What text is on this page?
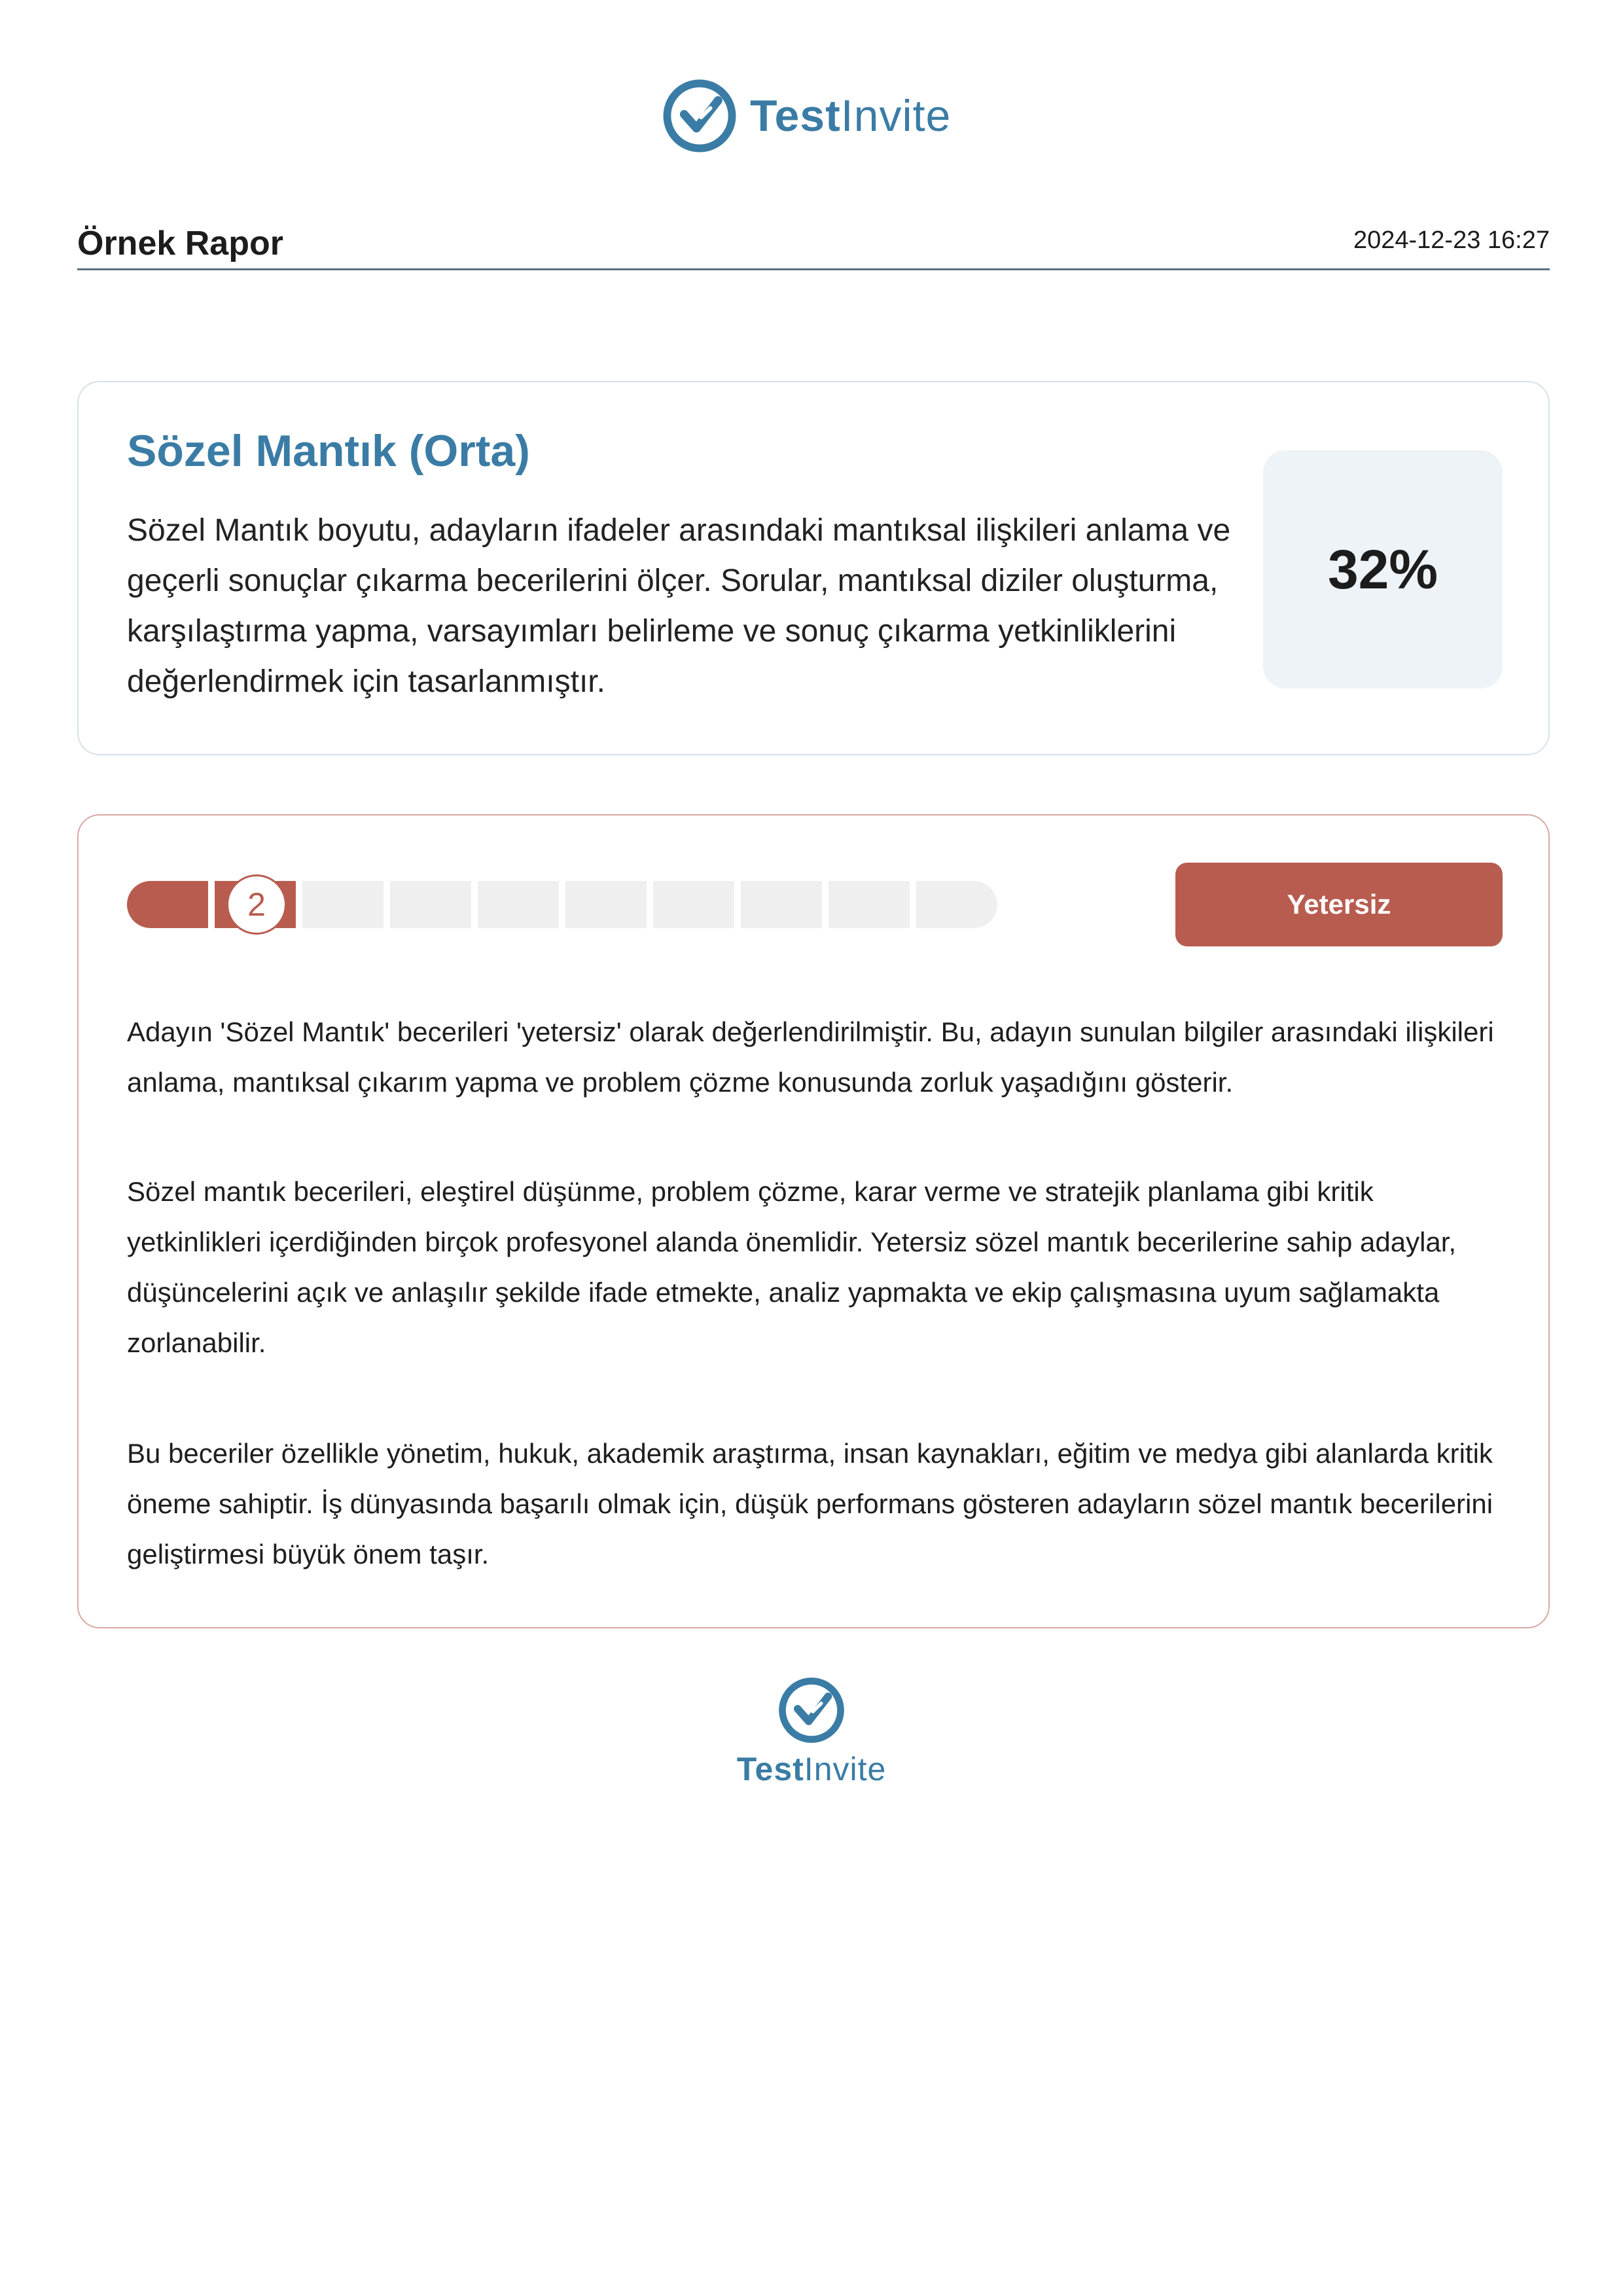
TestInvite
Örnek Rapor	2024-12-23 16:27
Sözel Mantık (Orta)

Sözel Mantık boyutu, adayların ifadeler arasındaki mantıksal ilişkileri anlama ve geçerli sonuçlar çıkarma becerilerini ölçer. Sorular, mantıksal diziler oluşturma, karşılaştırma yapma, varsayımları belirleme ve sonuç çıkarma yetkinliklerini değerlendirmek için tasarlanmıştır.

32%
2	Yetersiz
Adayın 'Sözel Mantık' becerileri 'yetersiz' olarak değerlendirilmiştir. Bu, adayın sunulan bilgiler arasındaki ilişkileri anlama, mantıksal çıkarım yapma ve problem çözme konusunda zorluk yaşadığını gösterir.
Sözel mantık becerileri, eleştirel düşünme, problem çözme, karar verme ve stratejik planlama gibi kritik yetkinlikleri içerdiğinden birçok profesyonel alanda önemlidir. Yetersiz sözel mantık becerilerine sahip adaylar, düşüncelerini açık ve anlaşılır şekilde ifade etmekte, analiz yapmakta ve ekip çalışmasına uyum sağlamakta zorlanabilir.
Bu beceriler özellikle yönetim, hukuk, akademik araştırma, insan kaynakları, eğitim ve medya gibi alanlarda kritik öneme sahiptir. İş dünyasında başarılı olmak için, düşük performans gösteren adayların sözel mantık becerilerini geliştirmesi büyük önem taşır.
TestInvite
